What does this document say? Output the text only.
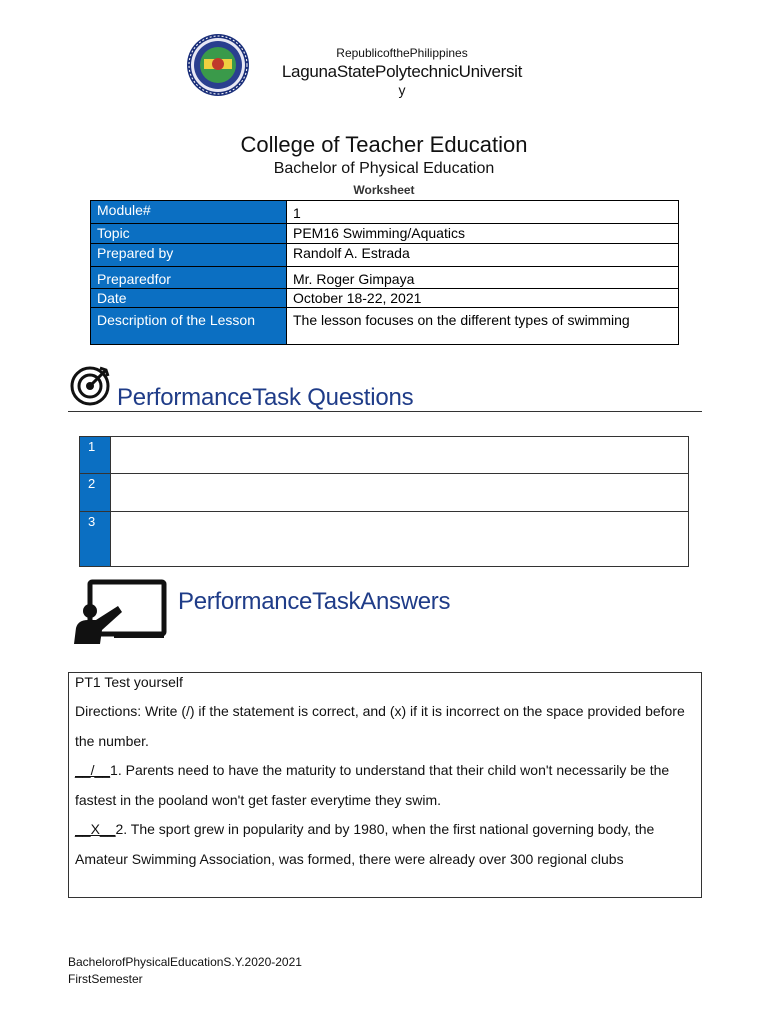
RepublicofthePhilippines
LagunaStatePolytechnicUniversit
y
College of Teacher Education
Bachelor of Physical Education
Worksheet
Module#	1
Topic	PEM16 Swimming/Aquatics
Prepared by	Randolf A. Estrada
Preparedfor	Mr. Roger Gimpaya
Date	October 18-22, 2021
Description of the Lesson	The lesson focuses on the different types of swimming
PerformanceTask Questions
1	
2	
3	
PerformanceTaskAnswers
PT1 Test yourself
Directions: Write (/) if the statement is correct, and (x) if it is incorrect on the space provided before the number.
__/__1. Parents need to have the maturity to understand that their child won't necessarily be the fastest in the pooland won't get faster everytime they swim.
__X__2. The sport grew in popularity and by 1980, when the first national governing body, the Amateur Swimming Association, was formed, there were already over 300 regional clubs
BachelorofPhysicalEducationS.Y.2020-2021
FirstSemester
